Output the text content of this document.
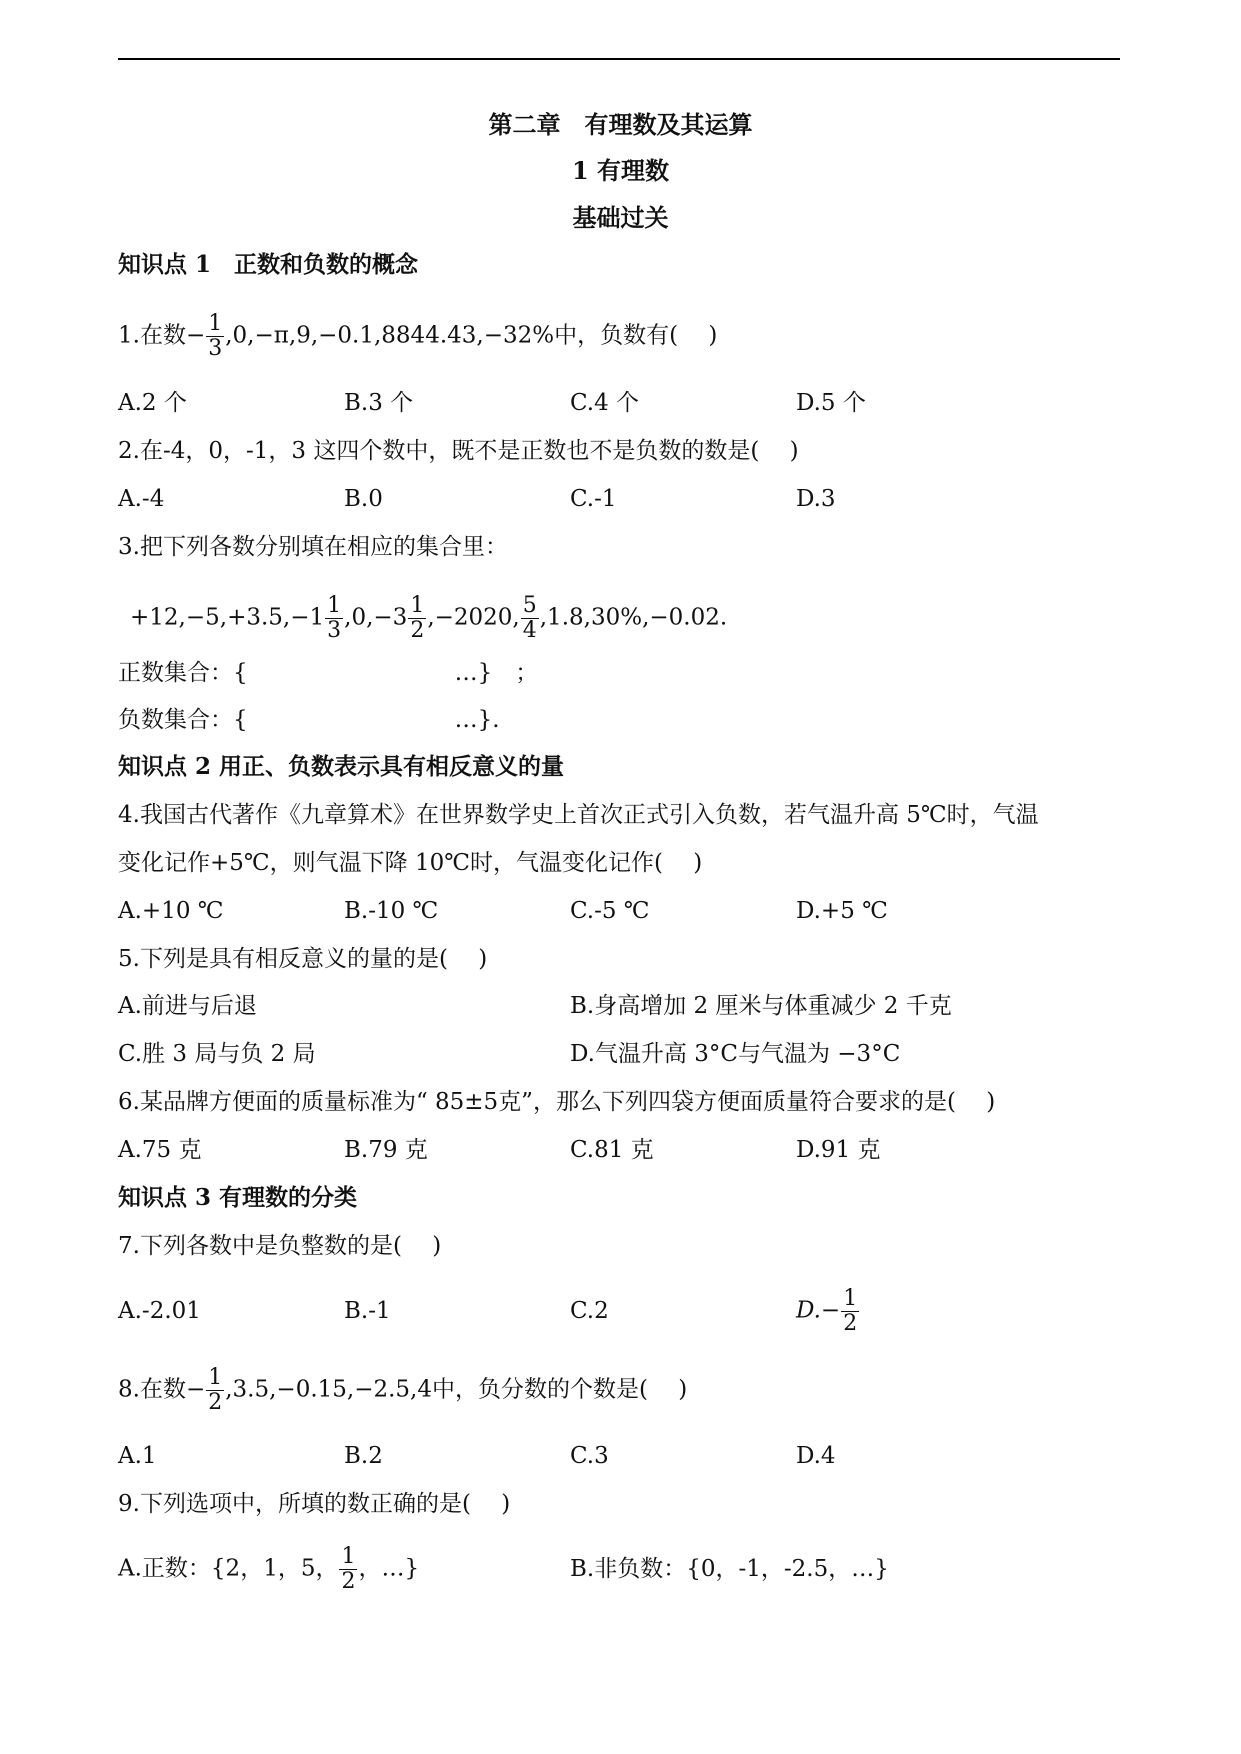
第二章　有理数及其运算
1 有理数
基础过关
知识点 1　正数和负数的概念
1.在数− $\frac{1}{3} ,0,-\pi,9,-0.1,8844.43,-32\%$中，负数有(　 )
A.2 个	B.3 个	C.4 个	D.5 个
2.在-4，0，-1，3 这四个数中，既不是正数也不是负数的数是(　 )
A.-4	B.0	C.-1	D.3
3.把下列各数分别填在相应的集合里：
$+12,-5,+3.5,-1 \frac{1}{3} ,0,-3 \frac{1}{2} ,-2020$, $\frac{5}{4} ,1.8,30\%,-0.02$.
正数集合：{　　　　　　　　　…}　；
负数集合：{　　　　　　　　　…}.
知识点 2 用正、负数表示具有相反意义的量
4.我国古代著作《九章算术》在世界数学史上首次正式引入负数，若气温升高 5℃时，气温
变化记作+5℃，则气温下降 10℃时，气温变化记作(　 )
A.+10 ℃	B.-10 ℃	C.-5 ℃	D.+5 ℃
5.下列是具有相反意义的量的是(　 )
A.前进与后退	B.身高增加 2 厘米与体重减少 2 千克
C.胜 3 局与负 2 局	D.气温升高 3°C与气温为 −3°C
6.某品牌方便面的质量标准为“ 85±5克”，那么下列四袋方便面质量符合要求的是(　 )
A.75 克	B.79 克	C.81 克	D.91 克
知识点 3 有理数的分类
7.下列各数中是负整数的是(　 )
A.-2.01	B.-1	C.2	$D.- \frac{1}{2}$
8.在数− $\frac{1}{2} ,3.5,-0.15,-2.5,4$中，负分数的个数是(　 )
A.1	B.2	C.3	D.4
9.下列选项中，所填的数正确的是(　 )
A.正数：{2，1，5， $\frac{1}{2}$ ，…}	B.非负数：{0，-1，-2.5，…}
